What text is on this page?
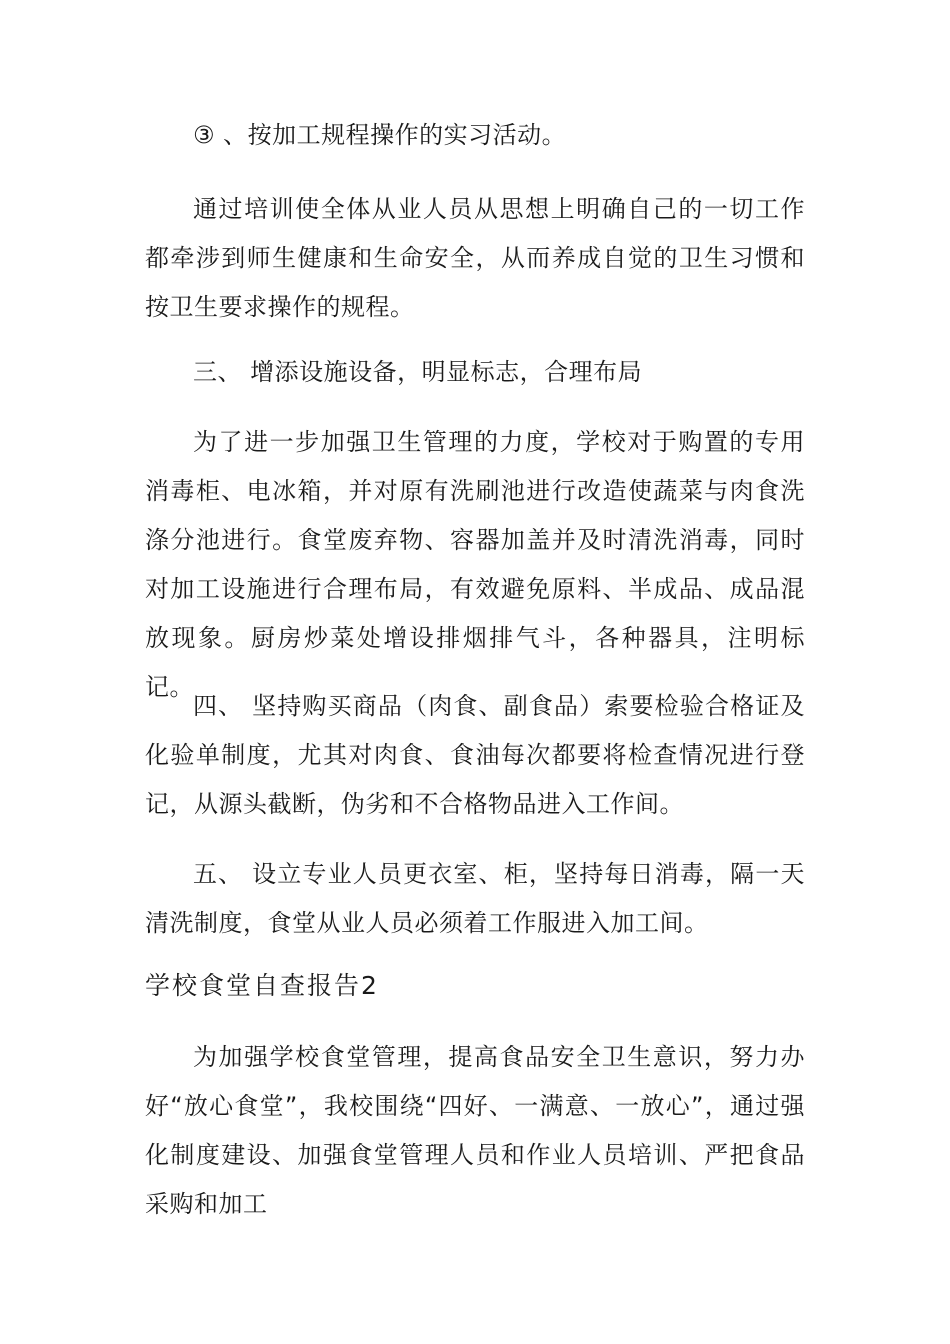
③ 、按加工规程操作的实习活动。

通过培训使全体从业人员从思想上明确自己的一切工作都牵涉到师生健康和生命安全，从而养成自觉的卫生习惯和按卫生要求操作的规程。

三、 增添设施设备，明显标志，合理布局

为了进一步加强卫生管理的力度，学校对于购置的专用消毒柜、电冰箱，并对原有洗刷池进行改造使蔬菜与肉食洗涤分池进行。食堂废弃物、容器加盖并及时清洗消毒，同时对加工设施进行合理布局，有效避免原料、半成品、成品混放现象。厨房炒菜处增设排烟排气斗，各种器具，注明标记。

四、 坚持购买商品（肉食、副食品）索要检验合格证及化验单制度，尤其对肉食、食油每次都要将检查情况进行登记，从源头截断，伪劣和不合格物品进入工作间。

五、 设立专业人员更衣室、柜，坚持每日消毒，隔一天清洗制度，食堂从业人员必须着工作服进入加工间。

学校食堂自查报告2

为加强学校食堂管理，提高食品安全卫生意识，努力办好“放心食堂”，我校围绕“四好、一满意、一放心”，通过强化制度建设、加强食堂管理人员和作业人员培训、严把食品采购和加工
